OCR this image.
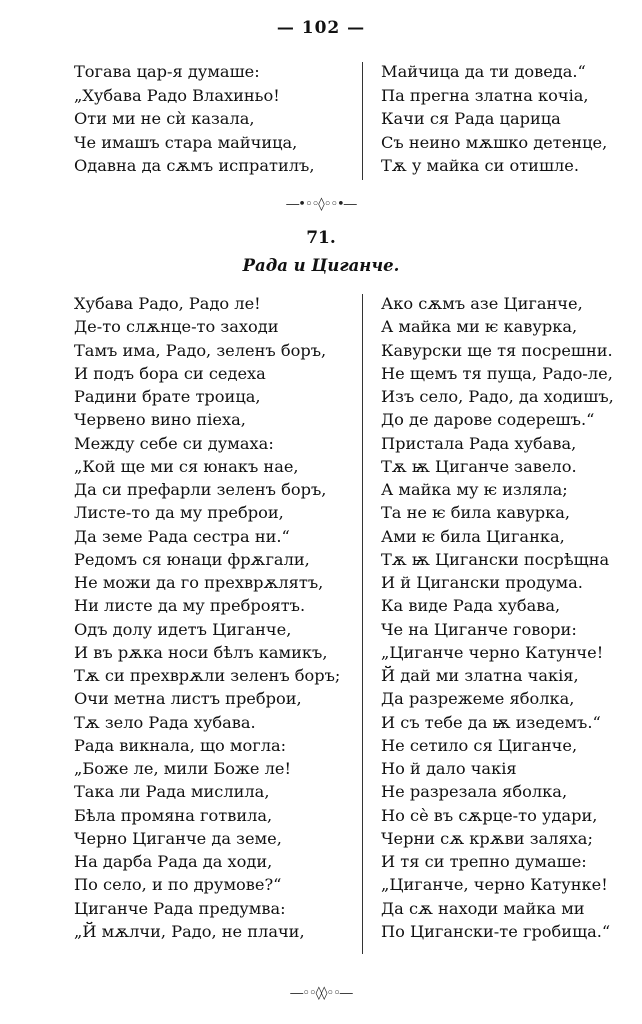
— 102 —
Тогава цар-я думаше:
„Хубава Радо Влахиньо!
Оти ми не сѝ казала,
Че имашъ стара майчица,
Одавна да сѫмъ испратилъ,
Майчица да ти доведа.“
Па прегна златна кочіа,
Качи ся Рада царица
Съ неино мѫшко детенце,
Тѫ у майка си отишле.
―•◦◦◊◦◦•―
71.
Рада и Циганче.
Хубава Радо, Радо ле!
Де-то слѫнце-то заходи
Тамъ има, Радо, зеленъ боръ,
И подъ бора си седеха
Радини брате троица,
Червено вино піеха,
Между себе си думаха:
„Кой ще ми ся юнакъ нае,
Да си префарли зеленъ боръ,
Листе-то да му преброи,
Да земе Рада сестра ни.“
Редомъ ся юнаци фрѫгали,
Не можи да го прехврѫлятъ,
Ни листе да му преброятъ.
Одъ долу идетъ Циганче,
И въ рѫка носи бѣлъ камикъ,
Тѫ си прехврѫли зеленъ боръ;
Очи метна листъ преброи,
Тѫ зело Рада хубава.
Рада викнала, що могла:
„Боже ле, мили Боже ле!
Така ли Рада мислила,
Бѣла промяна готвила,
Черно Циганче да земе,
На дарба Рада да ходи,
По село, и по друмове?“
Циганче Рада предумва:
„Й мѫлчи, Радо, не плачи,
Ако сѫмъ азе Циганче,
А майка ми ѥ кавурка,
Кавурски ще тя посрешни.
Не щемъ тя пуща, Радо-ле,
Изъ село, Радо, да ходишъ,
До де дарове содерешъ.“
Пристала Рада хубава,
Тѫ ѭ Циганче завело.
А майка му ѥ изляла;
Та не ѥ била кавурка,
Ами ѥ била Циганка,
Тѫ ѭ Цигански посрѣщна
И й Цигански продума.
Ка виде Рада хубава,
Че на Циганче говори:
„Циганче черно Катунче!
Й дай ми златна чакія,
Да разрежеме яболка,
И съ тебе да ѭ изедемъ.“
Не сетило ся Циганче,
Но й дало чакія
Не разрезала яболка,
Но сѐ въ сѫрце-то удари,
Черни сѫ крѫви заляха;
И тя си трепно думаше:
„Циганче, черно Катунке!
Да сѫ находи майка ми
По Цигански-те гробища.“
―◦◦◊◊◦◦―
